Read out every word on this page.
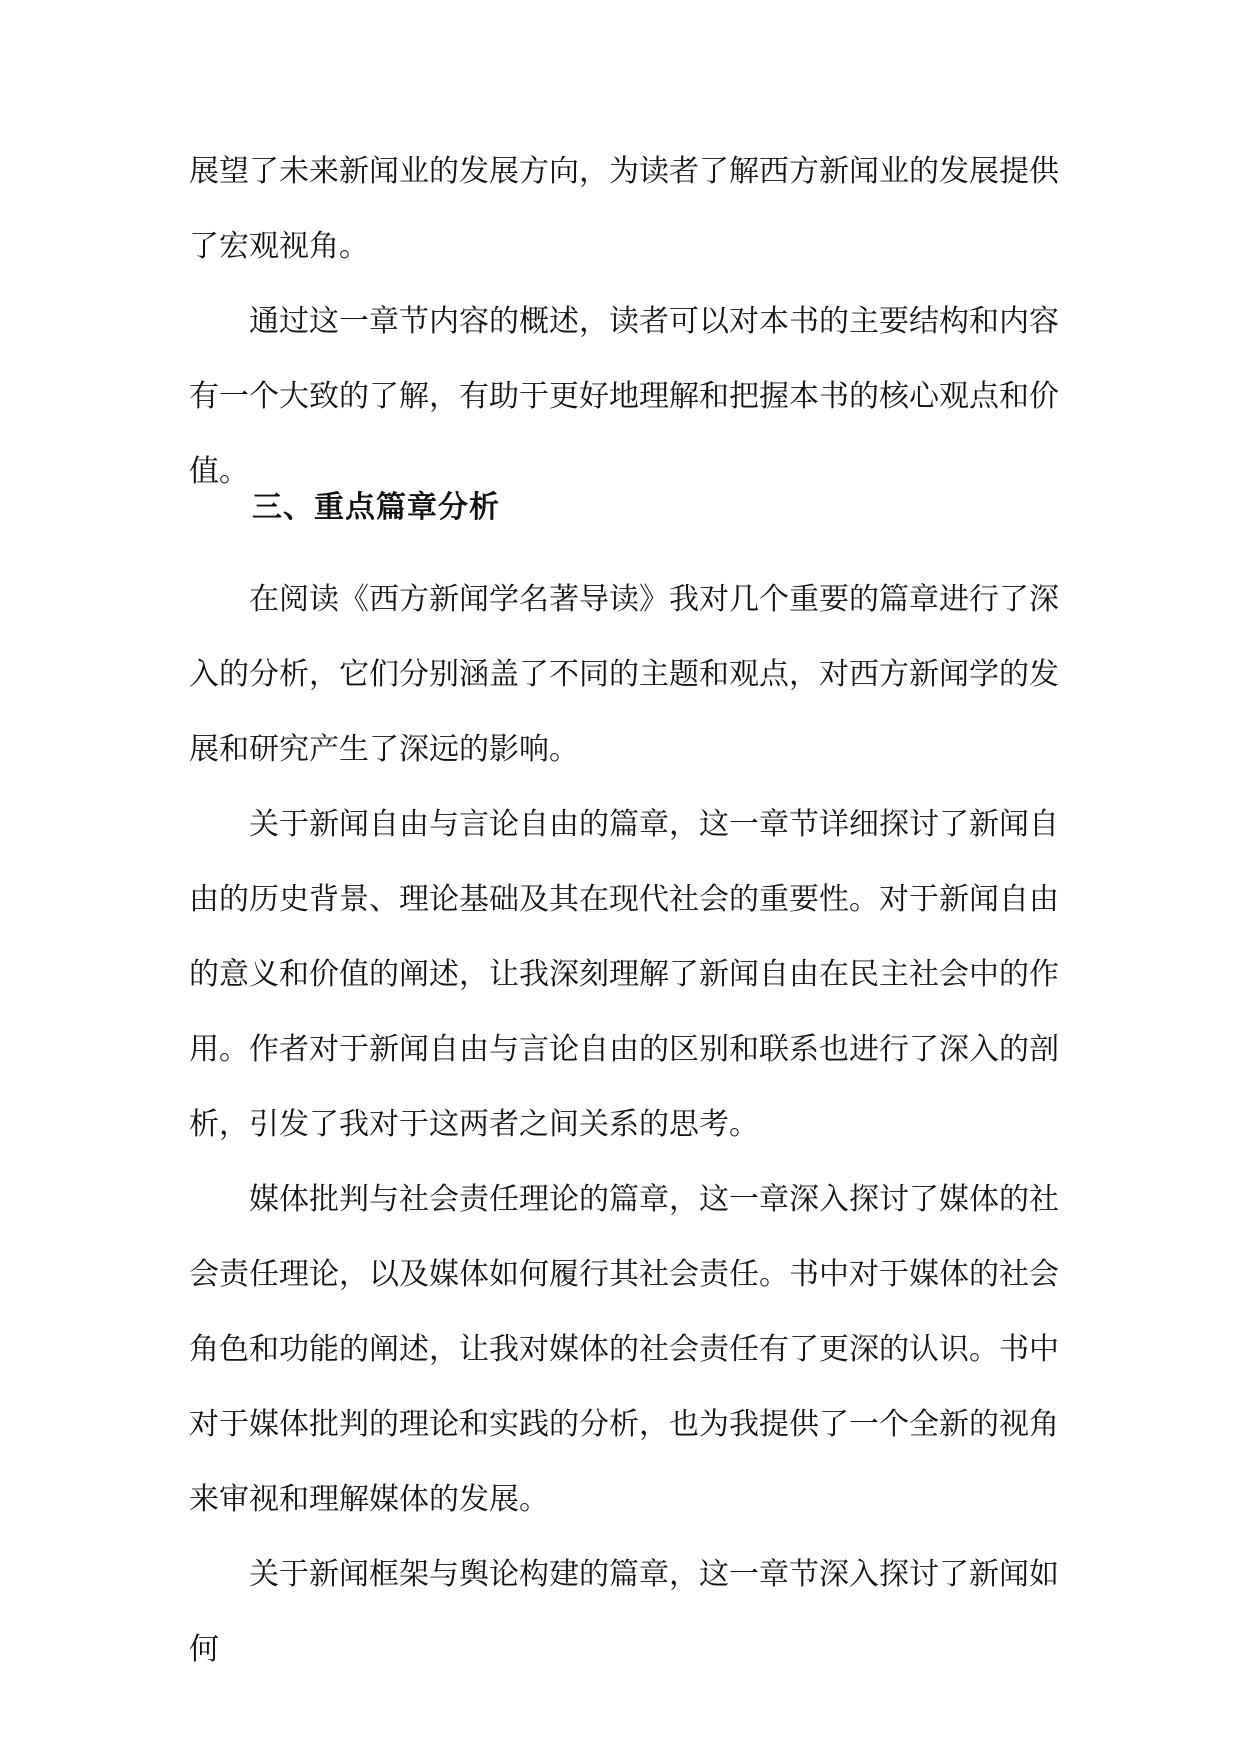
展望了未来新闻业的发展方向，为读者了解西方新闻业的发展提供了宏观视角。

通过这一章节内容的概述，读者可以对本书的主要结构和内容有一个大致的了解，有助于更好地理解和把握本书的核心观点和价值。

三、重点篇章分析

在阅读《西方新闻学名著导读》我对几个重要的篇章进行了深入的分析，它们分别涵盖了不同的主题和观点，对西方新闻学的发展和研究产生了深远的影响。

关于新闻自由与言论自由的篇章，这一章节详细探讨了新闻自由的历史背景、理论基础及其在现代社会的重要性。对于新闻自由的意义和价值的阐述，让我深刻理解了新闻自由在民主社会中的作用。作者对于新闻自由与言论自由的区别和联系也进行了深入的剖析，引发了我对于这两者之间关系的思考。

媒体批判与社会责任理论的篇章，这一章深入探讨了媒体的社会责任理论，以及媒体如何履行其社会责任。书中对于媒体的社会角色和功能的阐述，让我对媒体的社会责任有了更深的认识。书中对于媒体批判的理论和实践的分析，也为我提供了一个全新的视角来审视和理解媒体的发展。

关于新闻框架与舆论构建的篇章，这一章节深入探讨了新闻如何
